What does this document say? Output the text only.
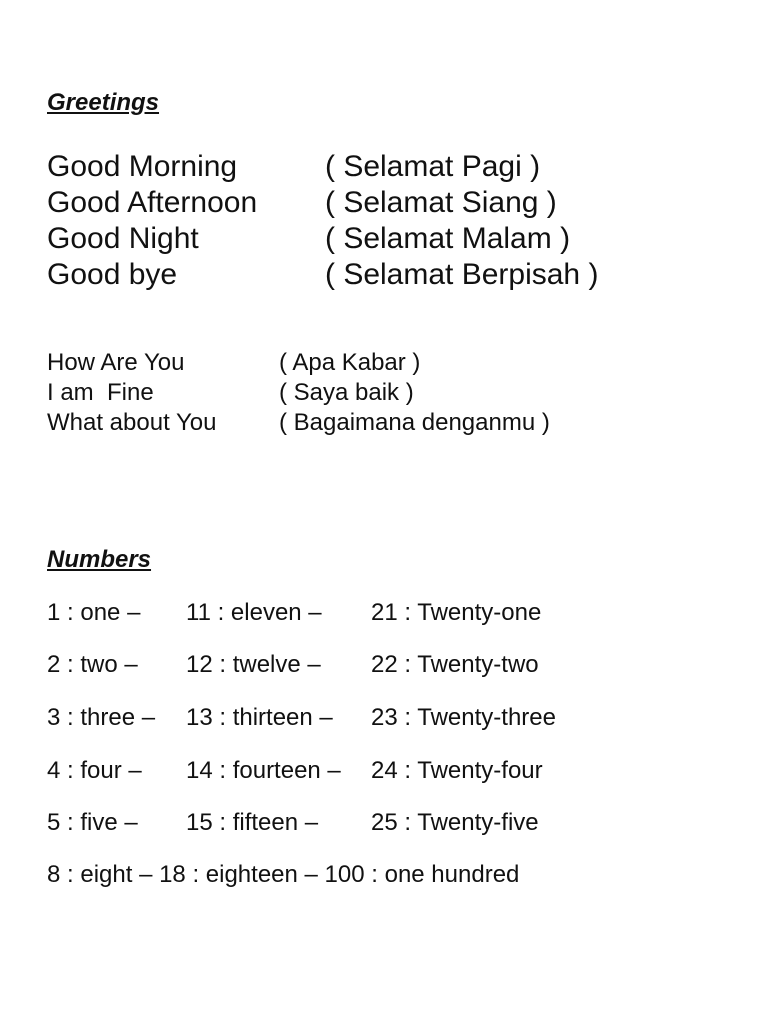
Greetings
Good Morning	( Selamat Pagi )
Good Afternoon ( Selamat Siang )
Good Night	( Selamat Malam )
Good bye	( Selamat Berpisah )
How Are You	( Apa Kabar )
I am  Fine	( Saya baik )
What about You	( Bagaimana denganmu )
Numbers
1 : one – 11 : eleven – 21 : Twenty-one
2 : two – 12 : twelve – 22 : Twenty-two
3 : three – 13 : thirteen – 23 : Twenty-three
4 : four – 14 : fourteen – 24 : Twenty-four
5 : five – 15 : fifteen – 25 : Twenty-five
8 : eight – 18 : eighteen – 100 : one hundred
